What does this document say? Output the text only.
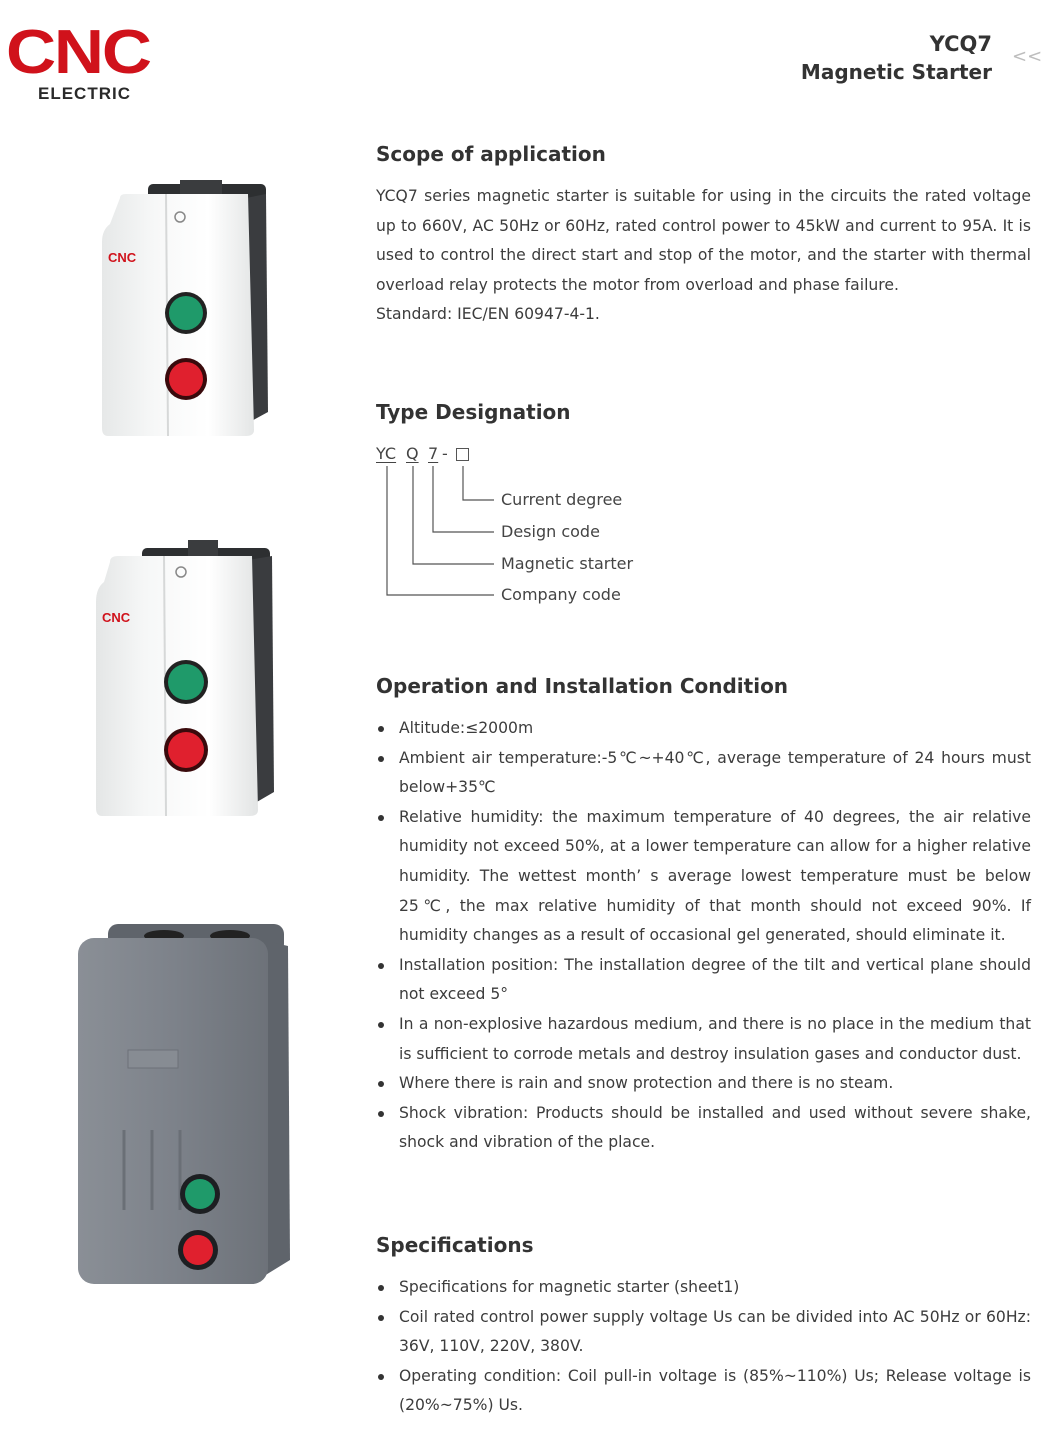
CNC
ELECTRIC
YCQ7
Magnetic Starter
<<
CNC
CNC
Scope of application

YCQ7 series magnetic starter is suitable for using in the circuits the rated voltage up to 660V, AC 50Hz or 60Hz, rated control power to 45kW and current to 95A. It is used to control the direct start and stop of the motor, and the starter with thermal overload relay protects the motor from overload and phase failure.

Standard: IEC/EN 60947-4-1.

Type Designation
YC Q 7 -
Current degree
Design code
Magnetic starter
Company code
Operation and Installation Condition
Altitude:≤2000m
Ambient air temperature:-5℃~+40℃, average temperature of 24 hours must below+35℃
Relative humidity: the maximum temperature of 40 degrees, the air relative humidity not exceed 50%, at a lower temperature can allow for a higher relative humidity. The wettest month’ s average lowest temperature must be below 25℃, the max relative humidity of that month should not exceed 90%. If humidity changes as a result of occasional gel generated, should eliminate it.
Installation position: The installation degree of the tilt and vertical plane should not exceed 5°
In a non-explosive hazardous medium, and there is no place in the medium that is sufficient to corrode metals and destroy insulation gases and conductor dust.
Where there is rain and snow protection and there is no steam.
Shock vibration: Products should be installed and used without severe shake, shock and vibration of the place.
Specifications
Specifications for magnetic starter (sheet1)
Coil rated control power supply voltage Us can be divided into AC 50Hz or 60Hz: 36V, 110V, 220V, 380V.
Operating condition: Coil pull-in voltage is (85%~110%) Us; Release voltage is (20%~75%) Us.
